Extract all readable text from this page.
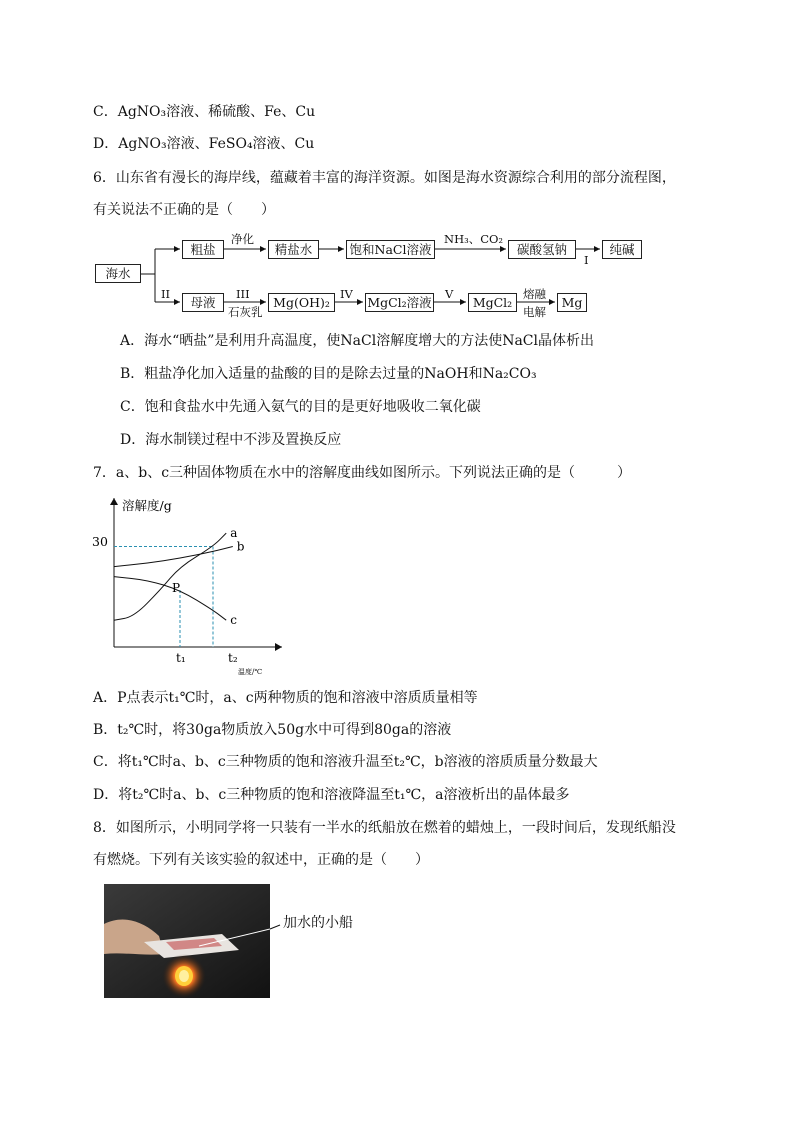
C．AgNO₃溶液、稀硫酸、Fe、Cu
D．AgNO₃溶液、FeSO₄溶液、Cu
6．山东省有漫长的海岸线，蕴藏着丰富的海洋资源。如图是海水资源综合利用的部分流程图，
有关说法不正确的是（　　）
海水
粗盐	精盐水	饱和NaCl溶液	碳酸氢钠	纯碱
母液	Mg(OH)₂	MgCl₂溶液	MgCl₂	Mg
净化	NH₃、CO₂
I
II	III
石灰乳
IV	V	熔融
电解
A．海水“晒盐”是利用升高温度，使NaCl溶解度增大的方法使NaCl晶体析出
B．粗盐净化加入适量的盐酸的目的是除去过量的NaOH和Na₂CO₃
C．饱和食盐水中先通入氨气的目的是更好地吸收二氧化碳
D．海水制镁过程中不涉及置换反应
7．a、b、c三种固体物质在水中的溶解度曲线如图所示。下列说法正确的是（　　　）
a
b
c
溶解度/g
30
t₁	t₂
温度/℃
P
A．P点表示t₁℃时，a、c两种物质的饱和溶液中溶质质量相等
B．t₂℃时，将30ga物质放入50g水中可得到80ga的溶液
C．将t₁℃时a、b、c三种物质的饱和溶液升温至t₂℃，b溶液的溶质质量分数最大
D．将t₂℃时a、b、c三种物质的饱和溶液降温至t₁℃，a溶液析出的晶体最多
8．如图所示，小明同学将一只装有一半水的纸船放在燃着的蜡烛上，一段时间后，发现纸船没
有燃烧。下列有关该实验的叙述中，正确的是（　　）
加水的小船
